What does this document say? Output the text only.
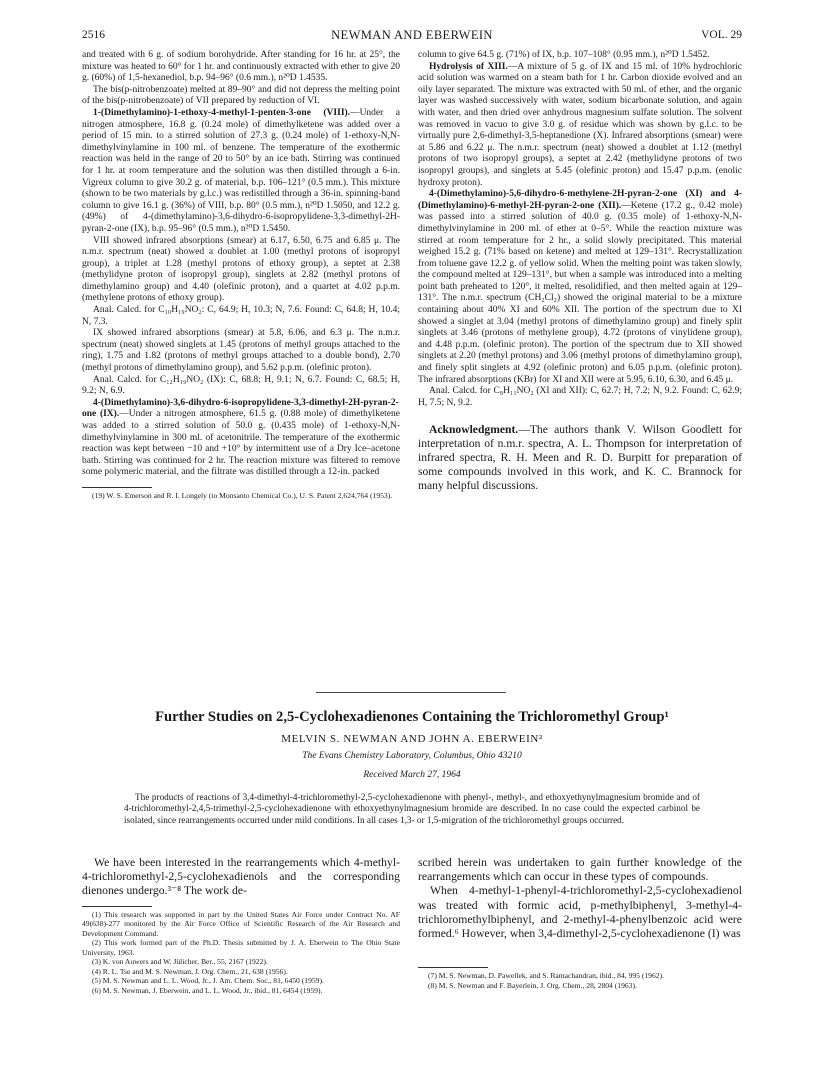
2516	NEWMAN AND EBERWEIN	VOL. 29

and treated with 6 g. of sodium borohydride. After standing for 16 hr. at 25°, the mixture was heated to 60° for 1 hr. and continuously extracted with ether to give 20 g. (60%) of 1,5-hexanediol, b.p. 94–96° (0.6 mm.), n²⁰D 1.4535.

The bis(p-nitrobenzoate) melted at 89–90° and did not depress the melting point of the bis(p-nitrobenzoate) of VII prepared by reduction of VI.

1-(Dimethylamino)-1-ethoxy-4-methyl-1-penten-3-one (VIII).—Under a nitrogen atmosphere, 16.8 g. (0.24 mole) of dimethylketene was added over a period of 15 min. to a stirred solution of 27.3 g. (0.24 mole) of 1-ethoxy-N,N-dimethylvinylamine in 100 ml. of benzene. The temperature of the exothermic reaction was held in the range of 20 to 50° by an ice bath. Stirring was continued for 1 hr. at room temperature and the solution was then distilled through a 6-in. Vigreux column to give 30.2 g. of material, b.p. 106–121° (0.5 mm.). This mixture (shown to be two materials by g.l.c.) was redistilled through a 36-in. spinning-band column to give 16.1 g. (36%) of VIII, b.p. 80° (0.5 mm.), n²⁰D 1.5050, and 12.2 g. (49%) of 4-(dimethylamino)-3,6-dihydro-6-isopropylidene-3,3-dimethyl-2H-pyran-2-one (IX), b.p. 95–96° (0.5 mm.), n²⁰D 1.5450.

VIII showed infrared absorptions (smear) at 6.17, 6.50, 6.75 and 6.85 μ. The n.m.r. spectrum (neat) showed a doublet at 1.00 (methyl protons of isopropyl group), a triplet at 1.28 (methyl protons of ethoxy group), a septet at 2.38 (methylidyne proton of isopropyl group), singlets at 2.82 (methyl protons of dimethylamino group) and 4.40 (olefinic proton), and a quartet at 4.02 p.p.m. (methylene protons of ethoxy group).

Anal. Calcd. for C₁₀H₁₉NO₂: C, 64.9; H, 10.3; N, 7.6. Found: C, 64.8; H, 10.4; N, 7.3.

IX showed infrared absorptions (smear) at 5.8, 6.06, and 6.3 μ. The n.m.r. spectrum (neat) showed singlets at 1.45 (protons of methyl groups attached to the ring), 1.75 and 1.82 (protons of methyl groups attached to a double bond), 2.70 (methyl protons of dimethylamino group), and 5.62 p.p.m. (olefinic proton).

Anal. Calcd. for C₁₂H₁₉NO₂ (IX): C, 68.8; H, 9.1; N, 6.7. Found: C, 68.5; H, 9.2; N, 6.9.

4-(Dimethylamino)-3,6-dihydro-6-isopropylidene-3,3-dimethyl-2H-pyran-2-one (IX).—Under a nitrogen atmosphere, 61.5 g. (0.88 mole) of dimethylketene was added to a stirred solution of 50.0 g. (0.435 mole) of 1-ethoxy-N,N-dimethylvinylamine in 300 ml. of acetonitrile. The temperature of the exothermic reaction was kept between −10 and +10° by intermittent use of a Dry Ice–acetone bath. Stirring was continued for 2 hr. The reaction mixture was filtered to remove some polymeric material, and the filtrate was distilled through a 12-in. packed

(19) W. S. Emerson and R. I. Longely (to Monsanto Chemical Co.), U. S. Patent 2,624,764 (1953).

column to give 64.5 g. (71%) of IX, b.p. 107–108° (0.95 mm.), n²⁰D 1.5452.

Hydrolysis of XIII.—A mixture of 5 g. of IX and 15 ml. of 10% hydrochloric acid solution was warmed on a steam bath for 1 hr. Carbon dioxide evolved and an oily layer separated. The mixture was extracted with 50 ml. of ether, and the organic layer was washed successively with water, sodium bicarbonate solution, and again with water, and then dried over anhydrous magnesium sulfate solution. The solvent was removed in vacuo to give 3.0 g. of residue which was shown by g.l.c. to be virtually pure 2,6-dimethyl-3,5-heptanedione (X). Infrared absorptions (smear) were at 5.86 and 6.22 μ. The n.m.r. spectrum (neat) showed a doublet at 1.12 (methyl protons of two isopropyl groups), a septet at 2.42 (methylidyne protons of two isopropyl groups), and singlets at 5.45 (olefinic proton) and 15.47 p.p.m. (enolic hydroxy proton).

4-(Dimethylamino)-5,6-dihydro-6-methylene-2H-pyran-2-one (XI) and 4-(Dimethylamino)-6-methyl-2H-pyran-2-one (XII).—Ketene (17.2 g., 0.42 mole) was passed into a stirred solution of 40.0 g. (0.35 mole) of 1-ethoxy-N,N-dimethylvinylamine in 200 ml. of ether at 0–5°. While the reaction mixture was stirred at room temperature for 2 hr., a solid slowly precipitated. This material weighed 15.2 g. (71% based on ketene) and melted at 129–131°. Recrystallization from toluene gave 12.2 g. of yellow solid. When the melting point was taken slowly, the compound melted at 129–131°, but when a sample was introduced into a melting point bath preheated to 120°, it melted, resolidified, and then melted again at 129–131°. The n.m.r. spectrum (CH₂Cl₂) showed the original material to be a mixture containing about 40% XI and 60% XII. The portion of the spectrum due to XI showed a singlet at 3.04 (methyl protons of dimethylamino group) and finely split singlets at 3.46 (protons of methylene group), 4.72 (protons of vinylidene group), and 4.48 p.p.m. (olefinic proton). The portion of the spectrum due to XII showed singlets at 2.20 (methyl protons) and 3.06 (methyl protons of dimethylamino group), and finely split singlets at 4.92 (olefinic proton) and 6.05 p.p.m. (olefinic proton). The infrared absorptions (KBr) for XI and XII were at 5.95, 6.10, 6.30, and 6.45 μ.

Anal. Calcd. for C₈H₁₁NO₂ (XI and XII): C, 62.7; H, 7.2; N, 9.2. Found: C, 62.9; H, 7.5; N, 9.2.

Acknowledgment.—The authors thank V. Wilson Goodlett for interpretation of n.m.r. spectra, A. L. Thompson for interpretation of infrared spectra, R. H. Meen and R. D. Burpitt for preparation of some compounds involved in this work, and K. C. Brannock for many helpful discussions.

Further Studies on 2,5-Cyclohexadienones Containing the Trichloromethyl Group¹
MELVIN S. NEWMAN AND JOHN A. EBERWEIN²
The Evans Chemistry Laboratory, Columbus, Ohio 43210
Received March 27, 1964

The products of reactions of 3,4-dimethyl-4-trichloromethyl-2,5-cyclohexadienone with phenyl-, methyl-, and ethoxyethynylmagnesium bromide and of 4-trichloromethyl-2,4,5-trimethyl-2,5-cyclohexadienone with ethoxyethynylmagnesium bromide are described. In no case could the expected carbinol be isolated, since rearrangements occurred under mild conditions. In all cases 1,3- or 1,5-migration of the trichloromethyl groups occurred.

We have been interested in the rearrangements which 4-methyl-4-trichloromethyl-2,5-cyclohexadienols and the corresponding dienones undergo.³⁻⁸ The work de-

(1) This research was supported in part by the United States Air Force under Contract No. AF 49(638)-277 monitored by the Air Force Office of Scientific Research of the Air Research and Development Command.

(2) This work formed part of the Ph.D. Thesis submitted by J. A. Eberwein to The Ohio State University, 1963.

(3) K. von Auwers and W. Jülicher, Ber., 55, 2167 (1922).

(4) R. L. Tse and M. S. Newman, J. Org. Chem., 21, 638 (1956).

(5) M. S. Newman and L. L. Wood, Jr., J. Am. Chem. Soc., 81, 6450 (1959).

(6) M. S. Newman, J. Eberwein, and L. L. Wood, Jr., ibid., 81, 6454 (1959).

scribed herein was undertaken to gain further knowledge of the rearrangements which can occur in these types of compounds.

When 4-methyl-1-phenyl-4-trichloromethyl-2,5-cyclohexadienol was treated with formic acid, p-methylbiphenyl, 3-methyl-4-trichloromethylbiphenyl, and 2-methyl-4-phenylbenzoic acid were formed.⁶ However, when 3,4-dimethyl-2,5-cyclohexadienone (I) was

(7) M. S. Newman, D. Pawellek, and S. Ramachandran, ibid., 84, 995 (1962).

(8) M. S. Newman and F. Bayerlein, J. Org. Chem., 28, 2804 (1963).
